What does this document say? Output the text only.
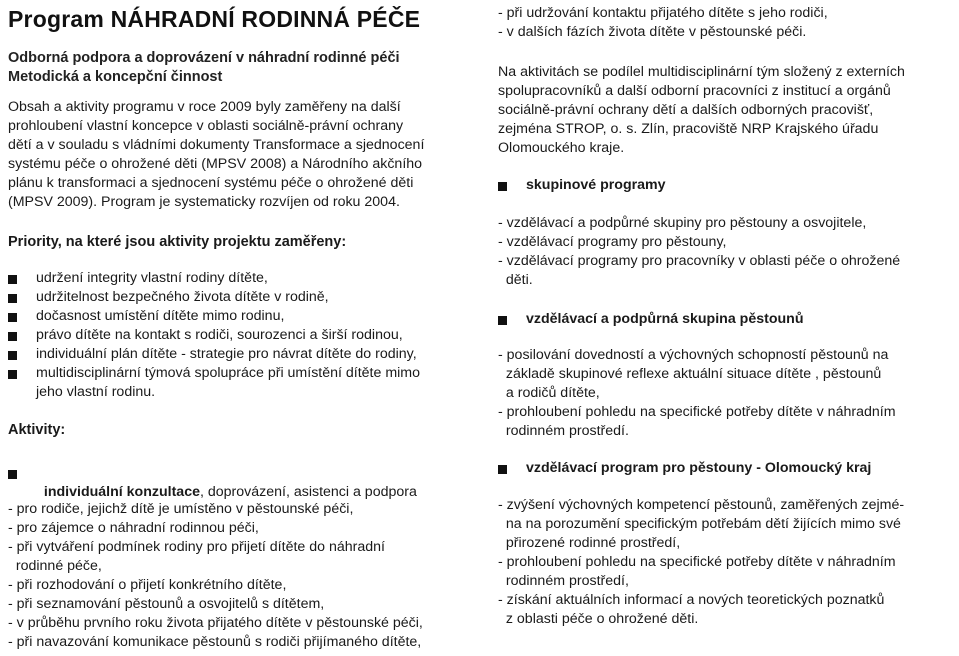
Program NÁHRADNÍ RODINNÁ PÉČE
Odborná podpora a doprovázení v náhradní rodinné péči
Metodická a koncepční činnost
Obsah a aktivity programu v roce 2009 byly zaměřeny na další
prohloubení vlastní koncepce v oblasti sociálně-právní ochrany
dětí a v souladu s vládními dokumenty Transformace a sjednocení
systému péče o ohrožené děti (MPSV 2008) a Národního akčního
plánu k transformaci a sjednocení systému péče o ohrožené děti
(MPSV 2009). Program je systematicky rozvíjen od roku 2004.
Priority, na které jsou aktivity projektu zaměřeny:
udržení integrity vlastní rodiny dítěte,
udržitelnost bezpečného života dítěte v rodině,
dočasnost umístění dítěte mimo rodinu,
právo dítěte na kontakt s rodiči, sourozenci a širší rodinou,
individuální plán dítěte - strategie pro návrat dítěte do rodiny,
multidisciplinární týmová spolupráce při umístění dítěte mimo
jeho vlastní rodinu.
Aktivity:

individuální konzultace, doprovázení, asistenci a podpora

- pro rodiče, jejichž dítě je umístěno v pěstounské péči,
- pro zájemce o náhradní rodinnou péči,
- při vytváření podmínek rodiny pro přijetí dítěte do náhradní
rodinné péče,
- při rozhodování o přijetí konkrétního dítěte,
- při seznamování pěstounů a osvojitelů s dítětem,
- v průběhu prvního roku života přijatého dítěte v pěstounské péči,
- při navazování komunikace pěstounů s rodiči přijímaného dítěte,
- při udržování kontaktu přijatého dítěte s jeho rodiči,
- v dalších fázích života dítěte v pěstounské péči.
Na aktivitách se podílel multidisciplinární tým složený z externích
spolupracovníků a další odborní pracovníci z institucí a orgánů
sociálně-právní ochrany dětí a dalších odborných pracovišť,
zejména STROP, o. s. Zlín, pracoviště NRP Krajského úřadu
Olomouckého kraje.
skupinové programy
- vzdělávací a podpůrné skupiny pro pěstouny a osvojitele,
- vzdělávací programy pro pěstouny,
- vzdělávací programy pro pracovníky v oblasti péče o ohrožené
děti.
vzdělávací a podpůrná skupina pěstounů
- posilování dovedností a výchovných schopností pěstounů na
základě skupinové reflexe aktuální situace dítěte , pěstounů
a rodičů dítěte,
- prohloubení pohledu na specifické potřeby dítěte v náhradním
rodinném prostředí.
vzdělávací program pro pěstouny - Olomoucký kraj
- zvýšení výchovných kompetencí pěstounů, zaměřených zejmé-
na na porozumění specifickým potřebám dětí žijících mimo své
přirozené rodinné prostředí,
- prohloubení pohledu na specifické potřeby dítěte v náhradním
rodinném prostředí,
- získání aktuálních informací a nových teoretických poznatků
z oblasti péče o ohrožené děti.
